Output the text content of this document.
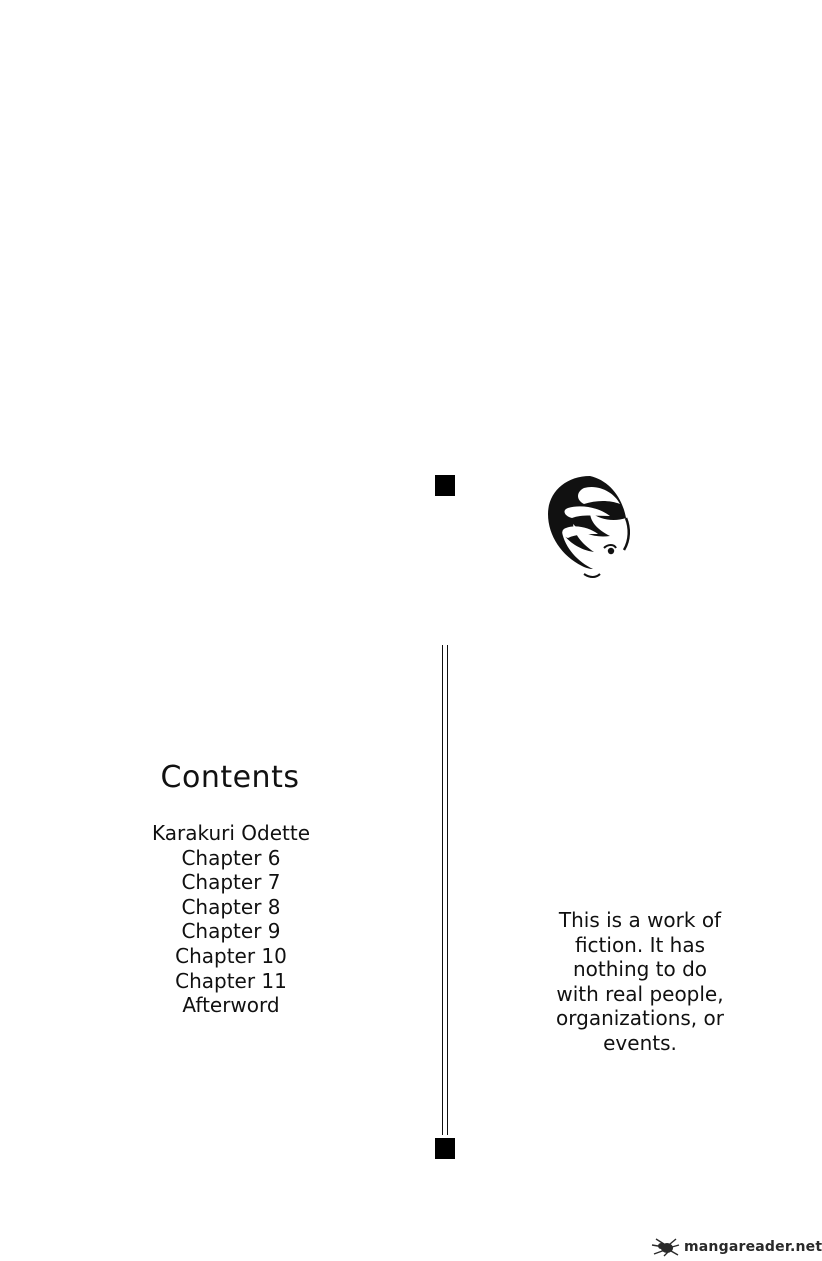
Contents
Karakuri Odette
Chapter 6
Chapter 7
Chapter 8
Chapter 9
Chapter 10
Chapter 11
Afterword
This is a work of
fiction. It has
nothing to do
with real people,
organizations, or
events.
mangareader.net
